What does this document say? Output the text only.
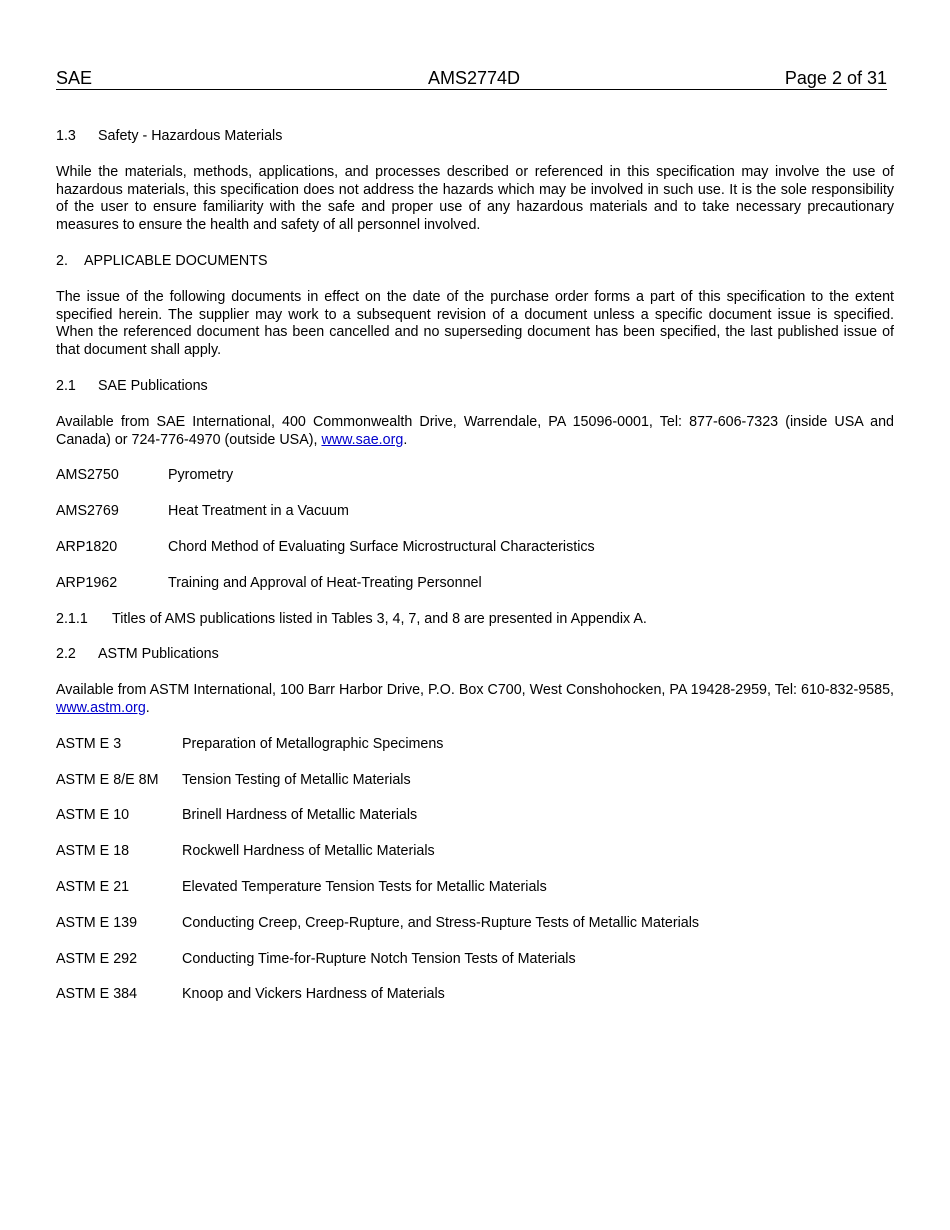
SAE	AMS2774D	Page 2 of 31

1.3 Safety - Hazardous Materials

While the materials, methods, applications, and processes described or referenced in this specification may involve the use of hazardous materials, this specification does not address the hazards which may be involved in such use. It is the sole responsibility of the user to ensure familiarity with the safe and proper use of any hazardous materials and to take necessary precautionary measures to ensure the health and safety of all personnel involved.

2. APPLICABLE DOCUMENTS

The issue of the following documents in effect on the date of the purchase order forms a part of this specification to the extent specified herein. The supplier may work to a subsequent revision of a document unless a specific document issue is specified. When the referenced document has been cancelled and no superseding document has been specified, the last published issue of that document shall apply.

2.1 SAE Publications

Available from SAE International, 400 Commonwealth Drive, Warrendale, PA 15096-0001, Tel: 877-606-7323 (inside USA and Canada) or 724-776-4970 (outside USA), www.sae.org.

AMS2750	Pyrometry

AMS2769	Heat Treatment in a Vacuum

ARP1820	Chord Method of Evaluating Surface Microstructural Characteristics

ARP1962	Training and Approval of Heat-Treating Personnel

2.1.1 Titles of AMS publications listed in Tables 3, 4, 7, and 8 are presented in Appendix A.

2.2 ASTM Publications

Available from ASTM International, 100 Barr Harbor Drive, P.O. Box C700, West Conshohocken, PA 19428-2959, Tel: 610-832-9585, www.astm.org.

ASTM E 3	Preparation of Metallographic Specimens

ASTM E 8/E 8M Tension Testing of Metallic Materials

ASTM E 10	Brinell Hardness of Metallic Materials

ASTM E 18	Rockwell Hardness of Metallic Materials

ASTM E 21	Elevated Temperature Tension Tests for Metallic Materials

ASTM E 139	Conducting Creep, Creep-Rupture, and Stress-Rupture Tests of Metallic Materials

ASTM E 292	Conducting Time-for-Rupture Notch Tension Tests of Materials

ASTM E 384	Knoop and Vickers Hardness of Materials
